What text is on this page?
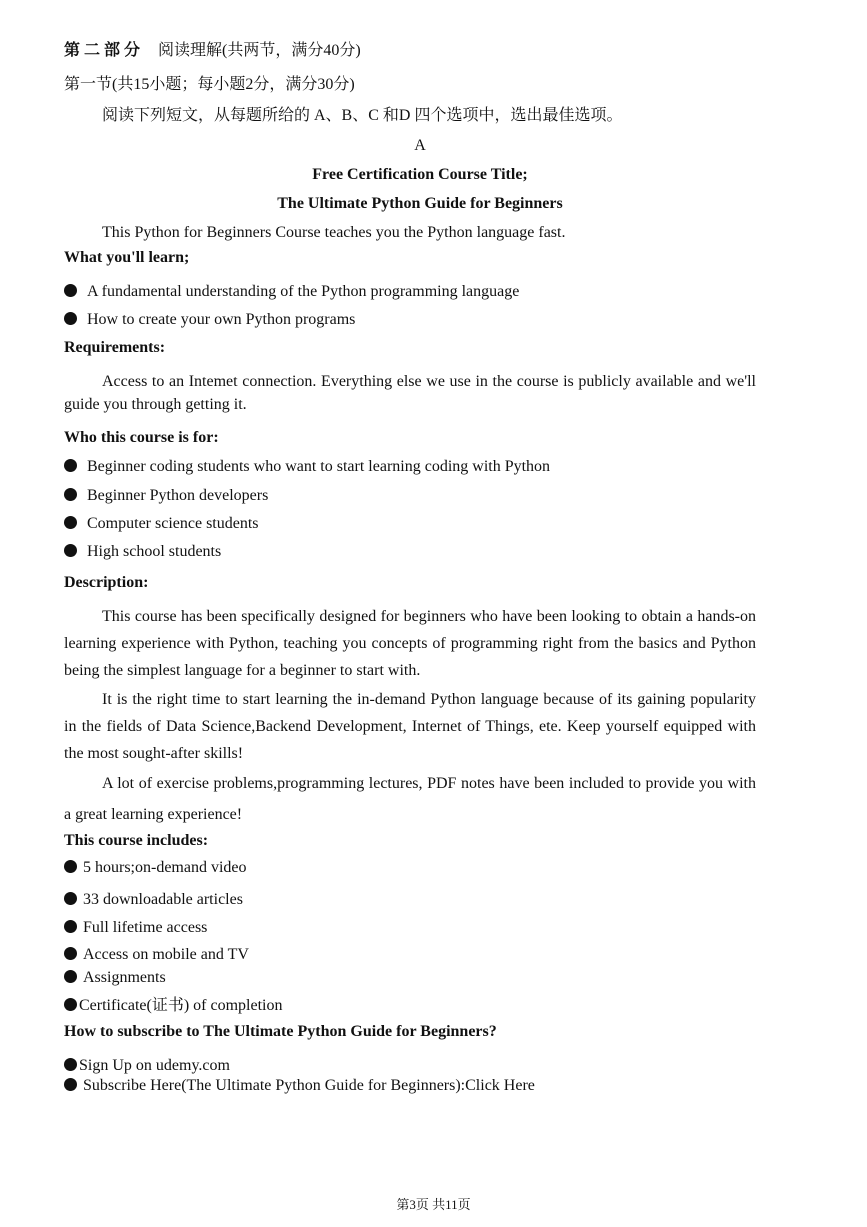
第 二 部 分 阅读理解(共两节，满分40分)
第一节(共15小题；每小题2分，满分30分)
阅读下列短文，从每题所给的 A、B、C 和D 四个选项中，选出最佳选项。
A
Free Certification Course Title;
The Ultimate Python Guide for Beginners
This Python for Beginners Course teaches you the Python language fast.
What you'll learn;
A fundamental understanding of the Python programming language
How to create your own Python programs
Requirements:
Access to an Intemet connection. Everything else we use in the course is publicly available and we'll guide you through getting it.
Who this course is for:
Beginner coding students who want to start learning coding with Python
Beginner Python developers
Computer science students
High school students
Description:
This course has been specifically designed for beginners who have been looking to obtain a hands-on learning experience with Python, teaching you concepts of programming right from the basics and Python being the simplest language for a beginner to start with.
It is the right time to start learning the in-demand Python language because of its gaining popularity in the fields of Data Science,Backend Development, Internet of Things, ete. Keep yourself equipped with the most sought-after skills!
A lot of exercise problems,programming lectures, PDF notes have been included to provide you with a great learning experience!
This course includes:
5 hours;on-demand video
33 downloadable articles
Full lifetime access
Access on mobile and TV
Assignments
Certificate(证书) of completion
How to subscribe to The Ultimate Python Guide for Beginners?
Sign Up on udemy.com
Subscribe Here(The Ultimate Python Guide for Beginners):Click Here
第3页 共11页
